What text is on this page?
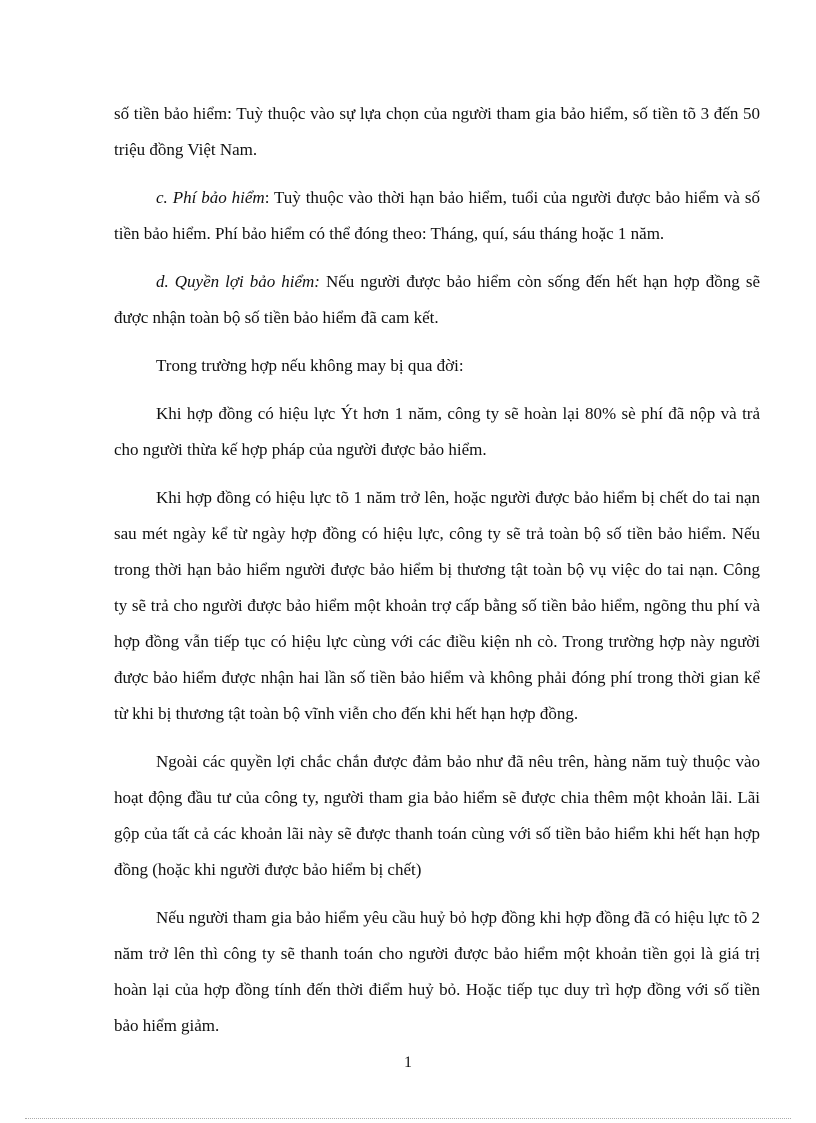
số tiền bảo hiểm: Tuỳ thuộc vào sự lựa chọn của người tham gia bảo hiểm, số tiền tõ 3 đến 50 triệu đồng Việt Nam.

c. Phí bảo hiểm: Tuỳ thuộc vào thời hạn bảo hiểm, tuổi của người được bảo hiểm và số tiền bảo hiểm. Phí bảo hiểm có thể đóng theo: Tháng, quí, sáu tháng hoặc 1 năm.

d. Quyền lợi bảo hiểm: Nếu người được bảo hiểm còn sống đến hết hạn hợp đồng sẽ được nhận toàn bộ số tiền bảo hiểm đã cam kết.

Trong trường hợp nếu không may bị qua đời:

Khi hợp đồng có hiệu lực Ýt hơn 1 năm, công ty sẽ hoàn lại 80% sè phí đã nộp và trả cho người thừa kế hợp pháp của người được bảo hiểm.

Khi hợp đồng có hiệu lực tõ 1 năm trở lên, hoặc người được bảo hiểm bị chết do tai nạn sau mét ngày kể từ ngày hợp đồng có hiệu lực, công ty sẽ trả toàn bộ số tiền bảo hiểm. Nếu trong thời hạn bảo hiểm người được bảo hiểm bị thương tật toàn bộ vụ việc do tai nạn. Công ty sẽ trả cho người được bảo hiểm một khoản trợ cấp bằng số tiền bảo hiểm, ngõng thu phí và hợp đồng vẫn tiếp tục có hiệu lực cùng với các điều kiện nh cò. Trong trường hợp này người được bảo hiểm được nhận hai lần số tiền bảo hiểm và không phải đóng phí trong thời gian kể từ khi bị thương tật toàn bộ vĩnh viễn cho đến khi hết hạn hợp đồng.

Ngoài các quyền lợi chắc chắn được đảm bảo như đã nêu trên, hàng năm tuỳ thuộc vào hoạt động đầu tư của công ty, người tham gia bảo hiểm sẽ được chia thêm một khoản lãi. Lãi gộp của tất cả các khoản lãi này sẽ được thanh toán cùng với số tiền bảo hiểm khi hết hạn hợp đồng (hoặc khi người được bảo hiểm bị chết)

Nếu người tham gia bảo hiểm yêu cầu huỷ bỏ hợp đồng khi hợp đồng đã có hiệu lực tõ 2 năm trở lên thì công ty sẽ thanh toán cho người được bảo hiểm một khoản tiền gọi là giá trị hoàn lại của hợp đồng tính đến thời điểm huỷ bỏ. Hoặc tiếp tục duy trì hợp đồng với số tiền bảo hiểm giảm.

1
